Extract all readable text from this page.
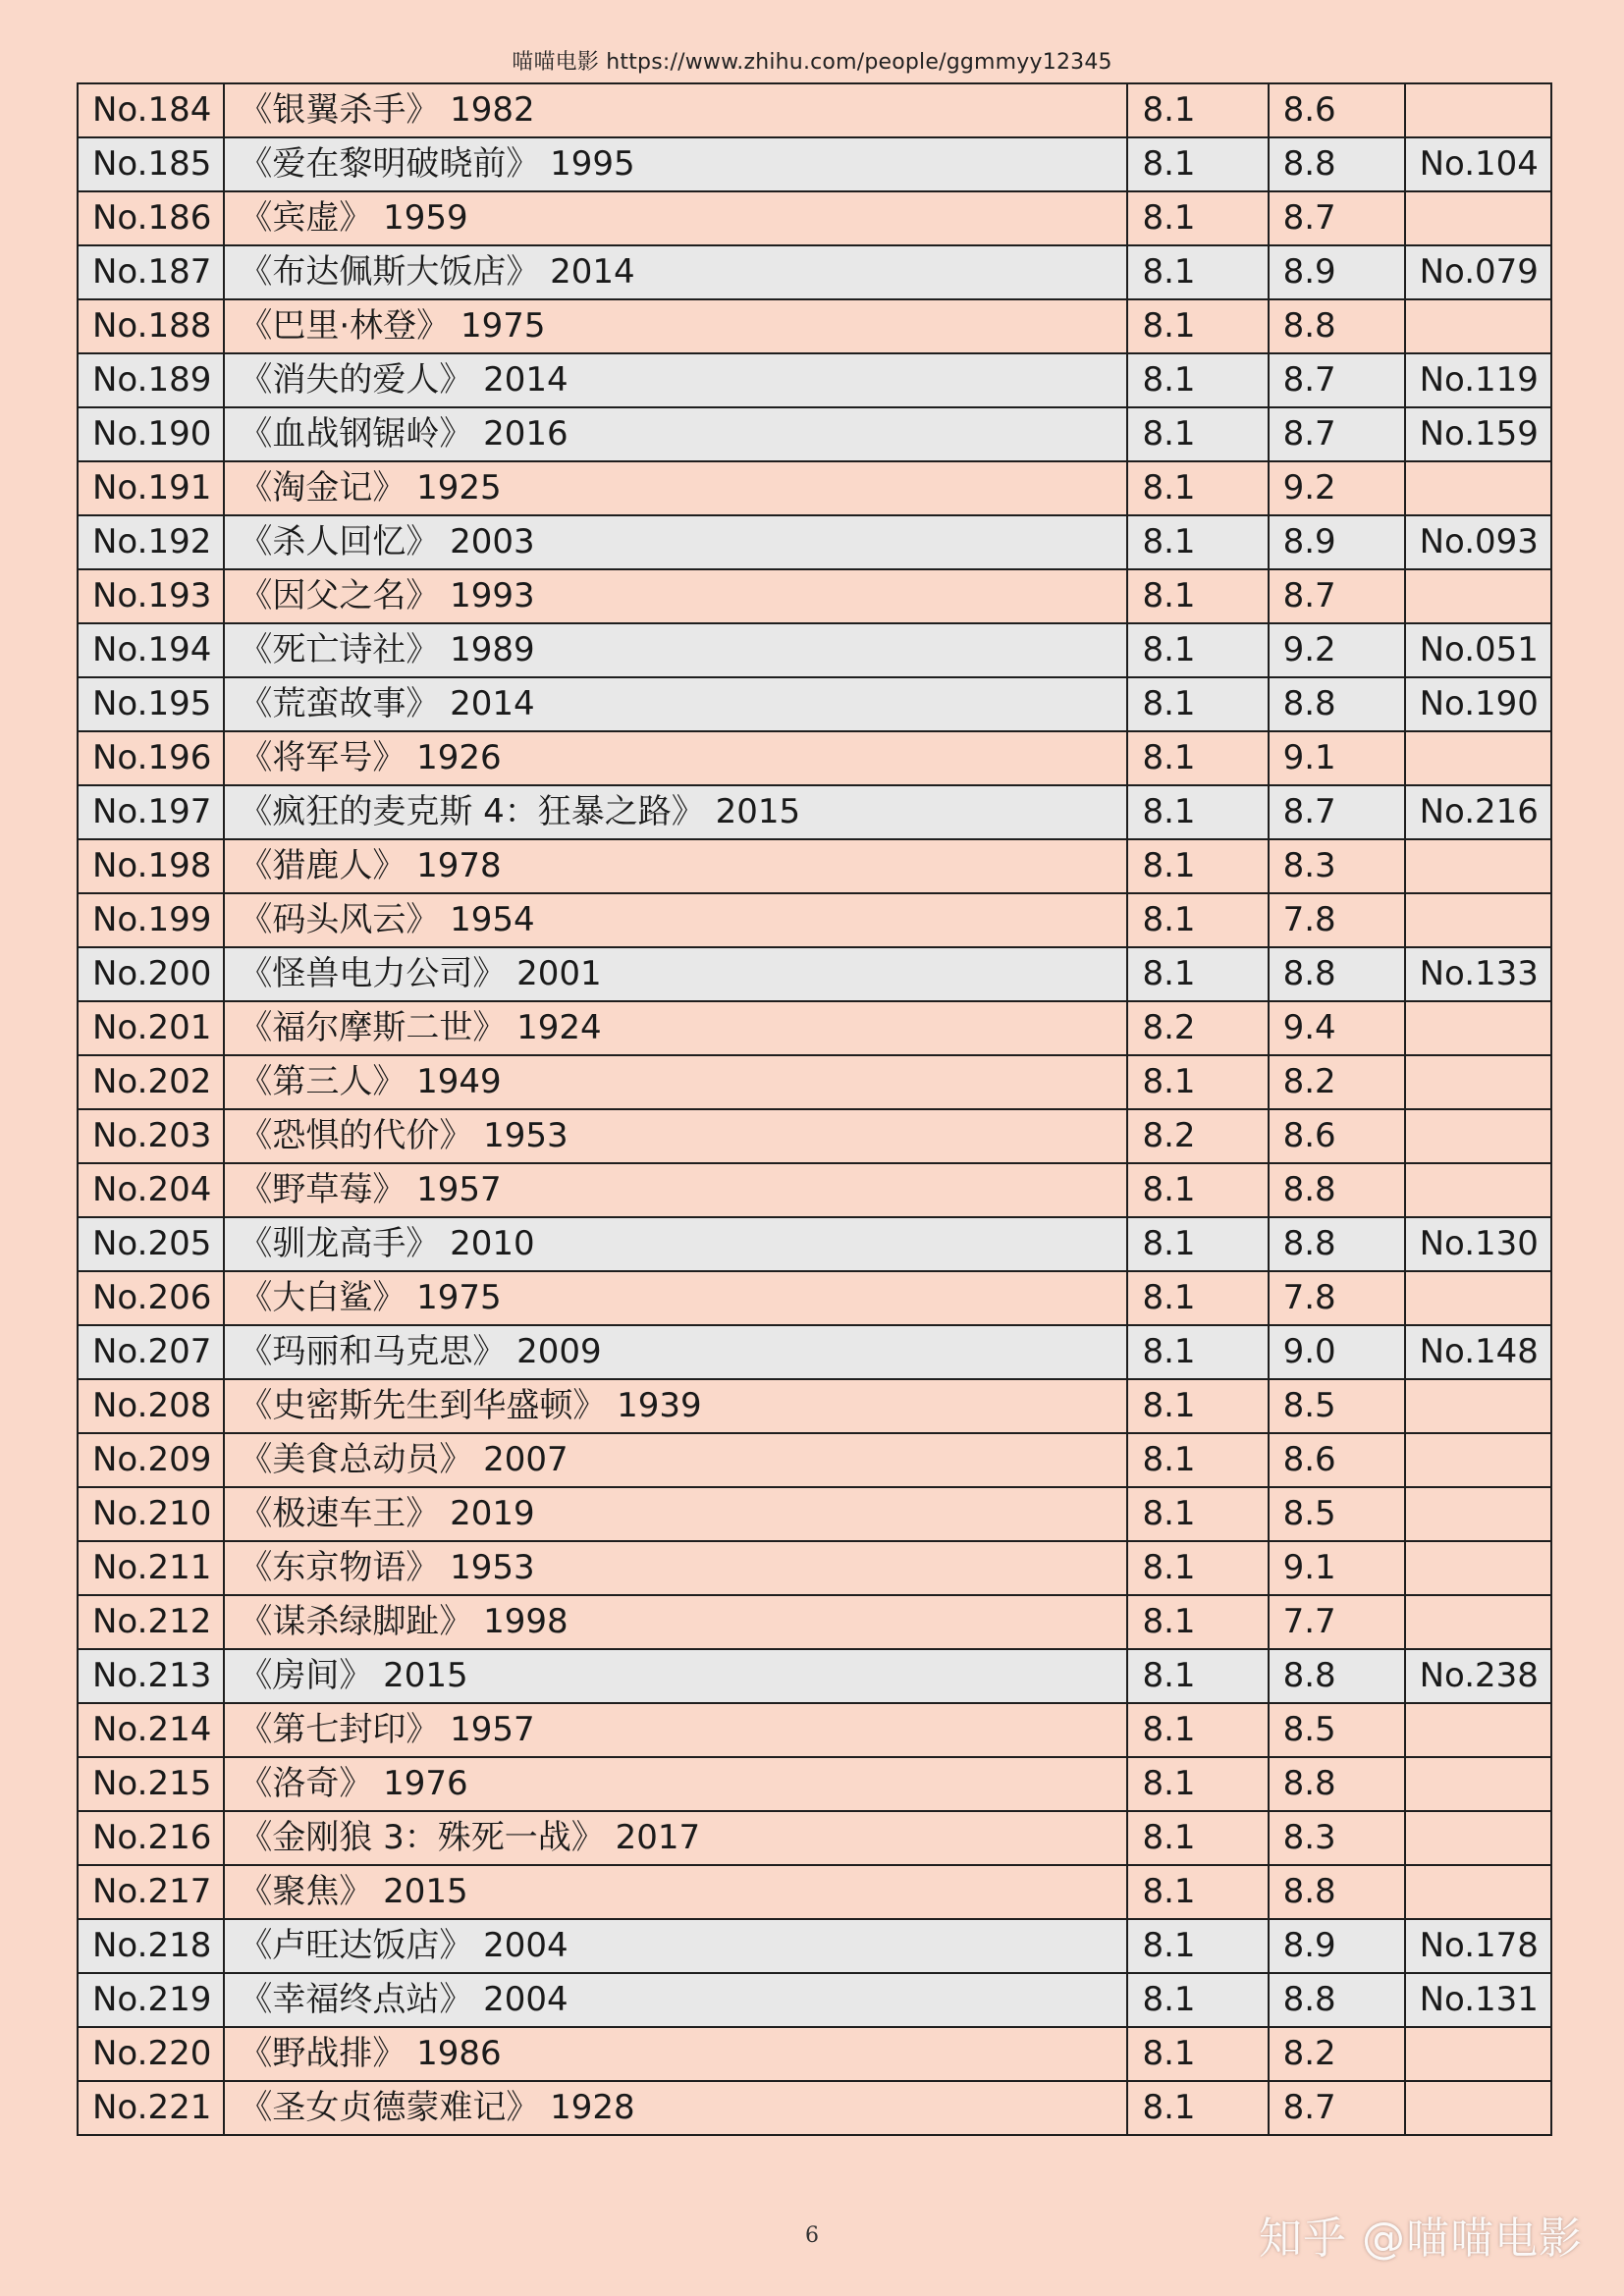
喵喵电影 https://www.zhihu.com/people/ggmmyy12345
No.184	《银翼杀手》 1982	8.1	8.6	
No.185	《爱在黎明破晓前》 1995	8.1	8.8	No.104
No.186	《宾虚》 1959	8.1	8.7	
No.187	《布达佩斯大饭店》 2014	8.1	8.9	No.079
No.188	《巴里·林登》 1975	8.1	8.8	
No.189	《消失的爱人》 2014	8.1	8.7	No.119
No.190	《血战钢锯岭》 2016	8.1	8.7	No.159
No.191	《淘金记》 1925	8.1	9.2	
No.192	《杀人回忆》 2003	8.1	8.9	No.093
No.193	《因父之名》 1993	8.1	8.7	
No.194	《死亡诗社》 1989	8.1	9.2	No.051
No.195	《荒蛮故事》 2014	8.1	8.8	No.190
No.196	《将军号》 1926	8.1	9.1	
No.197	《疯狂的麦克斯 4：狂暴之路》 2015	8.1	8.7	No.216
No.198	《猎鹿人》 1978	8.1	8.3	
No.199	《码头风云》 1954	8.1	7.8	
No.200	《怪兽电力公司》 2001	8.1	8.8	No.133
No.201	《福尔摩斯二世》 1924	8.2	9.4	
No.202	《第三人》 1949	8.1	8.2	
No.203	《恐惧的代价》 1953	8.2	8.6	
No.204	《野草莓》 1957	8.1	8.8	
No.205	《驯龙高手》 2010	8.1	8.8	No.130
No.206	《大白鲨》 1975	8.1	7.8	
No.207	《玛丽和马克思》 2009	8.1	9.0	No.148
No.208	《史密斯先生到华盛顿》 1939	8.1	8.5	
No.209	《美食总动员》 2007	8.1	8.6	
No.210	《极速车王》 2019	8.1	8.5	
No.211	《东京物语》 1953	8.1	9.1	
No.212	《谋杀绿脚趾》 1998	8.1	7.7	
No.213	《房间》 2015	8.1	8.8	No.238
No.214	《第七封印》 1957	8.1	8.5	
No.215	《洛奇》 1976	8.1	8.8	
No.216	《金刚狼 3：殊死一战》 2017	8.1	8.3	
No.217	《聚焦》 2015	8.1	8.8	
No.218	《卢旺达饭店》 2004	8.1	8.9	No.178
No.219	《幸福终点站》 2004	8.1	8.8	No.131
No.220	《野战排》 1986	8.1	8.2	
No.221	《圣女贞德蒙难记》 1928	8.1	8.7	
6	知乎 @喵喵电影
